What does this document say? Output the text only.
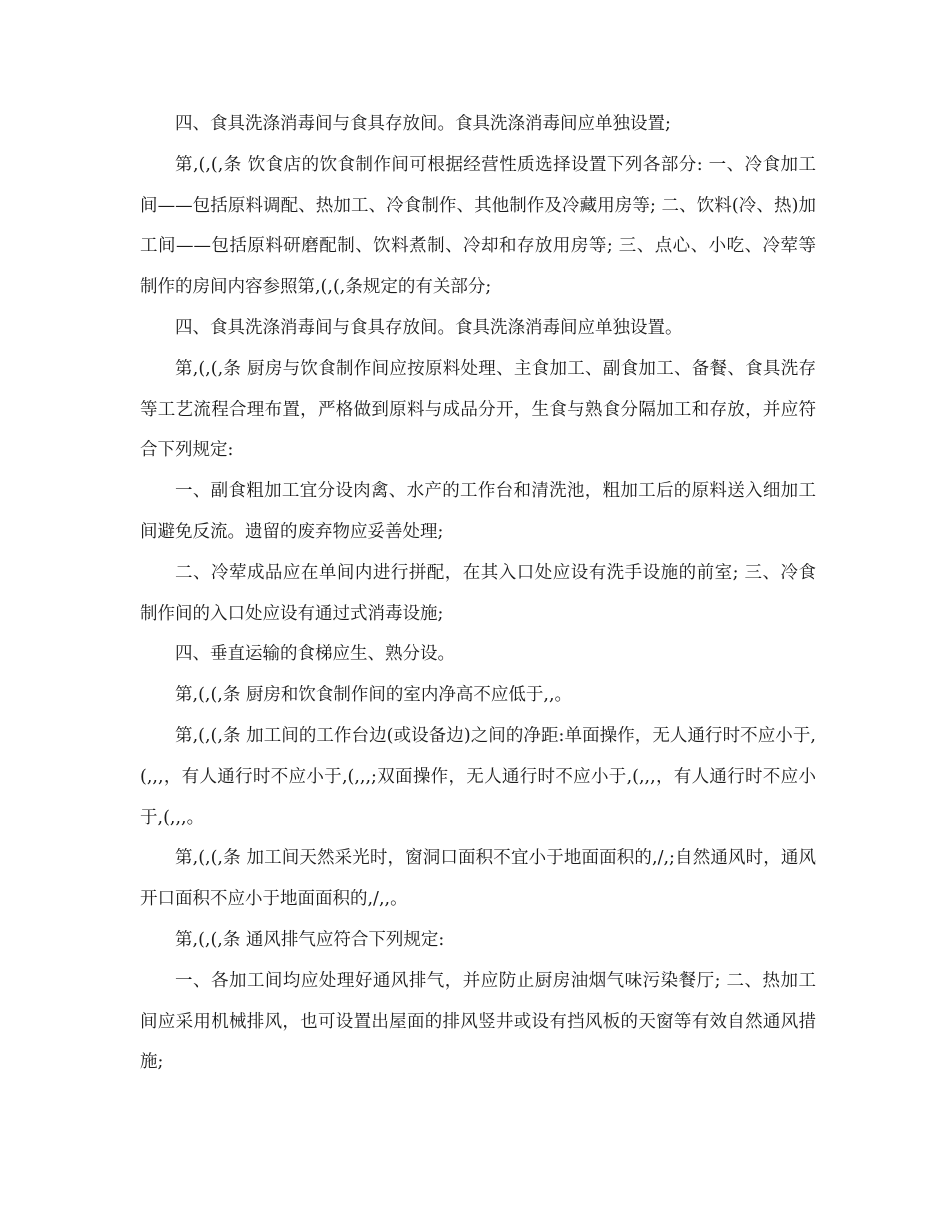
四、食具洗涤消毒间与食具存放间。食具洗涤消毒间应单独设置;

第,(,(,条 饮食店的饮食制作间可根据经营性质选择设置下列各部分: 一、冷食加工间——包括原料调配、热加工、冷食制作、其他制作及冷藏用房等; 二、饮料(冷、热)加工间——包括原料研磨配制、饮料煮制、冷却和存放用房等; 三、点心、小吃、冷荤等制作的房间内容参照第,(,(,条规定的有关部分;

四、食具洗涤消毒间与食具存放间。食具洗涤消毒间应单独设置。

第,(,(,条 厨房与饮食制作间应按原料处理、主食加工、副食加工、备餐、食具洗存等工艺流程合理布置，严格做到原料与成品分开，生食与熟食分隔加工和存放，并应符合下列规定:

一、副食粗加工宜分设肉禽、水产的工作台和清洗池，粗加工后的原料送入细加工间避免反流。遗留的废弃物应妥善处理;

二、冷荤成品应在单间内进行拼配，在其入口处应设有洗手设施的前室; 三、冷食制作间的入口处应设有通过式消毒设施;

四、垂直运输的食梯应生、熟分设。

第,(,(,条 厨房和饮食制作间的室内净高不应低于,,。

第,(,(,条 加工间的工作台边(或设备边)之间的净距:单面操作，无人通行时不应小于,(,,,，有人通行时不应小于,(,,,;双面操作，无人通行时不应小于,(,,,，有人通行时不应小于,(,,,。

第,(,(,条 加工间天然采光时，窗洞口面积不宜小于地面面积的,/,;自然通风时，通风开口面积不应小于地面面积的,/,,。

第,(,(,条 通风排气应符合下列规定:

一、各加工间均应处理好通风排气，并应防止厨房油烟气味污染餐厅; 二、热加工间应采用机械排风，也可设置出屋面的排风竖井或设有挡风板的天窗等有效自然通风措施;
